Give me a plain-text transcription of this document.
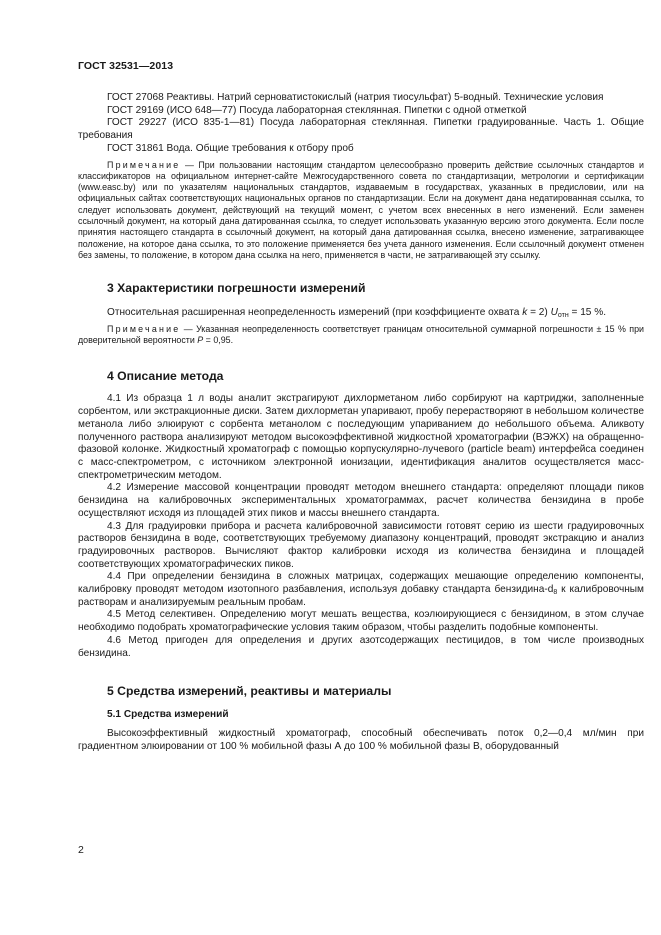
ГОСТ 32531—2013

ГОСТ 27068 Реактивы. Натрий серноватистокислый (натрия тиосульфат) 5-водный. Технические условия

ГОСТ 29169 (ИСО 648—77) Посуда лабораторная стеклянная. Пипетки с одной отметкой

ГОСТ 29227 (ИСО 835-1—81) Посуда лабораторная стеклянная. Пипетки градуированные. Часть 1. Общие требования

ГОСТ 31861 Вода. Общие требования к отбору проб

Примечание — При пользовании настоящим стандартом целесообразно проверить действие ссылочных стандартов и классификаторов на официальном интернет-сайте Межгосударственного совета по стандартизации, метрологии и сертификации (www.easc.by) или по указателям национальных стандартов, издаваемым в государствах, указанных в предисловии, или на официальных сайтах соответствующих национальных органов по стандартизации. Если на документ дана недатированная ссылка, то следует использовать документ, действующий на текущий момент, с учетом всех внесенных в него изменений. Если заменен ссылочный документ, на который дана датированная ссылка, то следует использовать указанную версию этого документа. Если после принятия настоящего стандарта в ссылочный документ, на который дана датированная ссылка, внесено изменение, затрагивающее положение, на которое дана ссылка, то это положение применяется без учета данного изменения. Если ссылочный документ отменен без замены, то положение, в котором дана ссылка на него, применяется в части, не затрагивающей эту ссылку.

3 Характеристики погрешности измерений

Относительная расширенная неопределенность измерений (при коэффициенте охвата k = 2) $U_{отн} = 15$ %.

Примечание — Указанная неопределенность соответствует границам относительной суммарной погрешности ± 15 % при доверительной вероятности P = 0,95.

4 Описание метода

4.1 Из образца 1 л воды аналит экстрагируют дихлорметаном либо сорбируют на картриджи, заполненные сорбентом, или экстракционные диски. Затем дихлорметан упаривают, пробу перерастворяют в небольшом количестве метанола либо элюируют с сорбента метанолом с последующим упариванием до небольшого объема. Аликвоту полученного раствора анализируют методом высокоэффективной жидкостной хроматографии (ВЭЖХ) на обращенно-фазовой колонке. Жидкостный хроматограф с помощью корпускулярно-лучевого (particle beam) интерфейса соединен с масс-спектрометром, с источником электронной ионизации, идентификация аналитов осуществляется масс-спектрометрическим методом.

4.2 Измерение массовой концентрации проводят методом внешнего стандарта: определяют площади пиков бензидина на калибровочных экспериментальных хроматограммах, расчет количества бензидина в пробе осуществляют исходя из площадей этих пиков и массы внешнего стандарта.

4.3 Для градуировки прибора и расчета калибровочной зависимости готовят серию из шести градуировочных растворов бензидина в воде, соответствующих требуемому диапазону концентраций, проводят экстракцию и анализ градуировочных растворов. Вычисляют фактор калибровки исходя из количества бензидина и площадей соответствующих хроматографических пиков.

4.4 При определении бензидина в сложных матрицах, содержащих мешающие определению компоненты, калибровку проводят методом изотопного разбавления, используя добавку стандарта бензидина-$d_8$ к калибровочным растворам и анализируемым реальным пробам.

4.5 Метод селективен. Определению могут мешать вещества, коэлюирующиеся с бензидином, в этом случае необходимо подобрать хроматографические условия таким образом, чтобы разделить подобные компоненты.

4.6 Метод пригоден для определения и других азотсодержащих пестицидов, в том числе производных бензидина.

5 Средства измерений, реактивы и материалы
5.1 Средства измерений

Высокоэффективный жидкостный хроматограф, способный обеспечивать поток 0,2—0,4 мл/мин при градиентном элюировании от 100 % мобильной фазы А до 100 % мобильной фазы В, оборудованный

2
